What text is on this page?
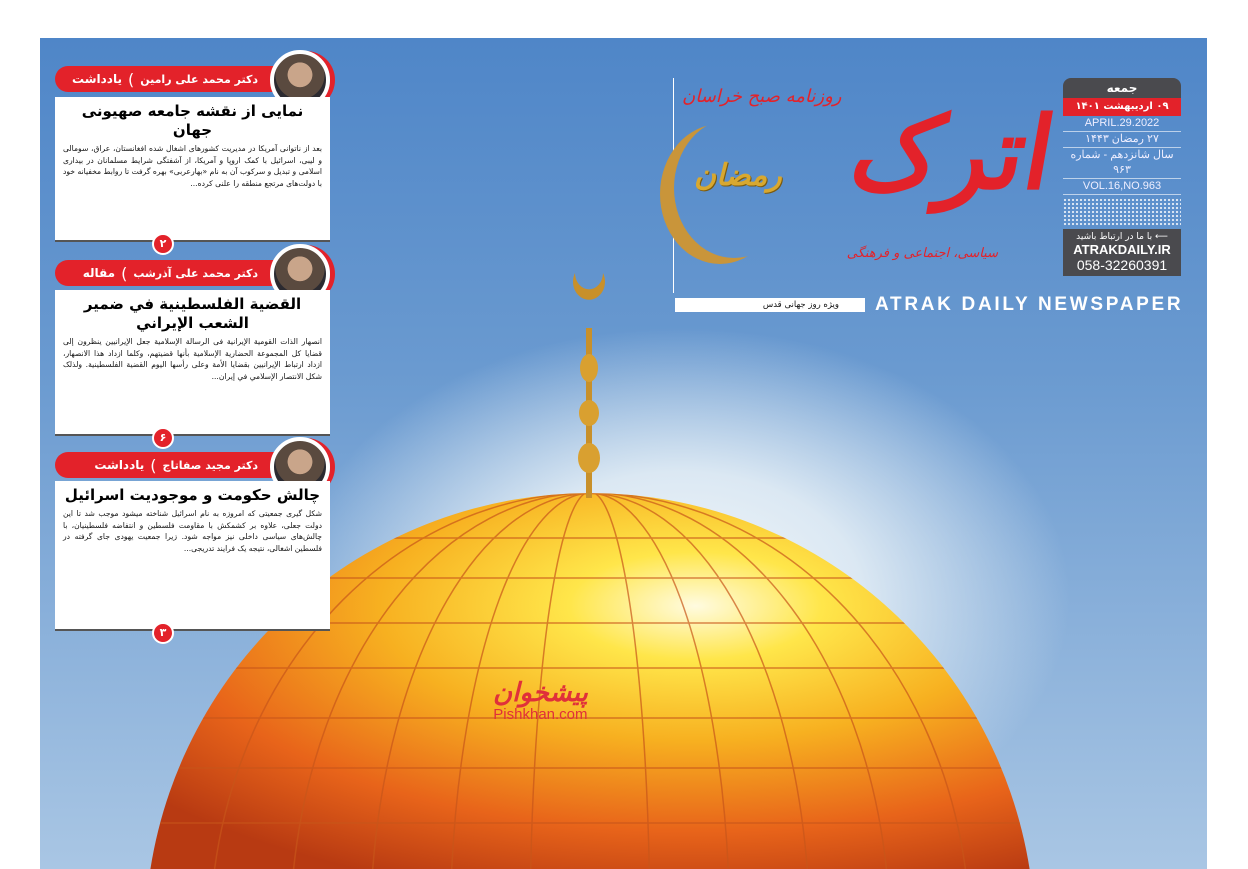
رمضان
روزنامه صبح خراسان اترک
سیاسی، اجتماعی و فرهنگی
ویژه روز جهانی قدس	ATRAK DAILY NEWSPAPER
جمعه
۰۹ اردیبهشت ۱۴۰۱
APRIL.29.2022
۲۷ رمضان ۱۴۴۳
سال شانزدهم - شماره ۹۶۳
VOL.16,NO.963
⟵ با ما در ارتباط باشید
ATRAKDAILY.IR
058-32260391
دکتر محمد علی رامین
)
یادداشت
نمایی از نقشه جامعه صهیونی جهان

بعد از ناتوانی آمریکا در مدیریت کشورهای اشغال شده افغانستان، عراق، سومالی و لیبی، اسرائیل با کمک اروپا و آمریکا، از آشفتگی شرایط مسلمانان در بیداری اسلامی و تبدیل و سرکوب آن به نام «بهارعربی» بهره گرفت تا روابط مخفیانه خود با دولت‌های مرتجع منطقه را علنی کرده...

۲
دکتر محمد علی آذرشب
)
مقاله
القضیة الفلسطینیة في ضمیر الشعب الإیراني

انصهار الذات القومیة الإیرانیة فی الرسالة الإسلامیة جعل الإیرانیین ینظرون إلی قضایا کل المجموعة الحضاریة الإسلامیة بأنها قضیتهم، وکلما ازداد هذا الانصهار، ازداد ارتباط الإیرانیین بقضایا الأمة وعلی رأسها الیوم القضیة الفلسطینیة. ولذلک شکل الانتصار الإسلامي في إیران...

۶
دکتر مجید صفاتاج
)
یادداشت
چالش حکومت و موجودیت اسرائیل

شکل گیری جمعیتی که امروزه به نام اسرائیل شناخته میشود موجب شد تا این دولت جعلی، علاوه بر کشمکش با مقاومت فلسطین و انتفاضه فلسطینیان، با چالش‌های سیاسی داخلی نیز مواجه شود. زیرا جمعیت یهودی جای گرفته در فلسطین اشغالی، نتیجه یک فرایند تدریجی...

۳
پیشخوان
Pishkhan.com
